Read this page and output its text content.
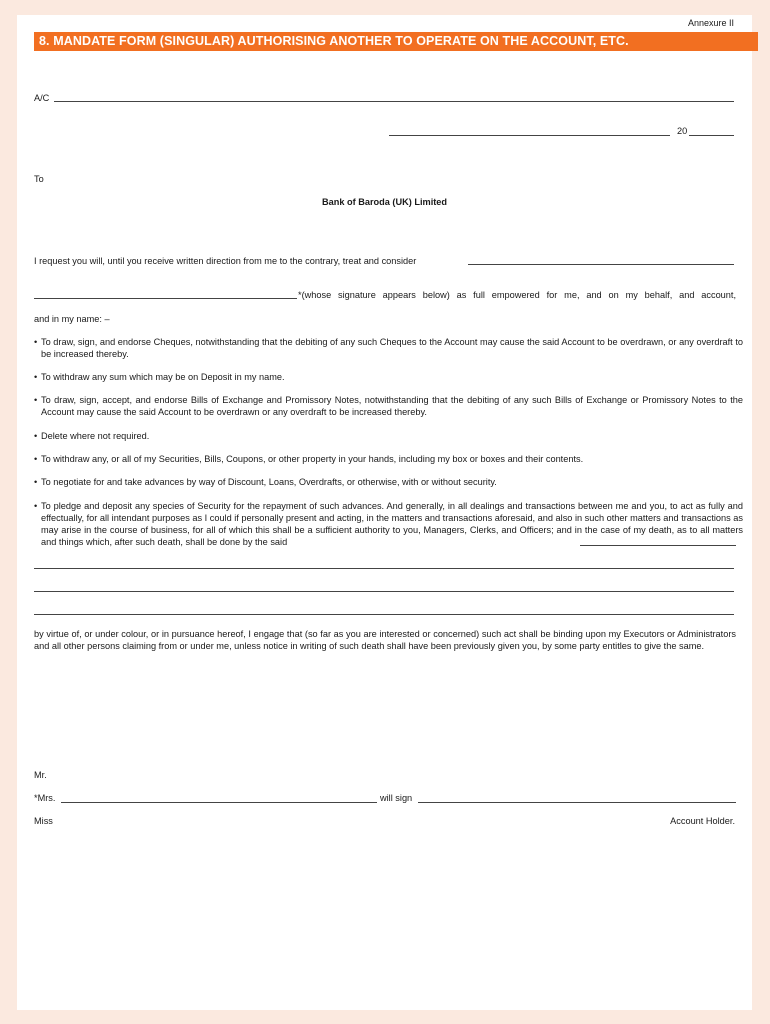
Annexure II
8. MANDATE FORM (SINGULAR) AUTHORISING ANOTHER TO OPERATE ON THE ACCOUNT, ETC.
A/C
20
To
Bank of Baroda (UK) Limited
I request you will, until you receive written direction from me to the contrary, treat and consider
*(whose signature appears below) as full empowered for me, and on my behalf, and account,
and in my name: –
• To draw, sign, and endorse Cheques, notwithstanding that the debiting of any such Cheques to the Account may cause the said Account to be overdrawn, or any overdraft to be increased thereby.
• To withdraw any sum which may be on Deposit in my name.
• To draw, sign, accept, and endorse Bills of Exchange and Promissory Notes, notwithstanding that the debiting of any such Bills of Exchange or Promissory Notes to the Account may cause the said Account to be overdrawn or any overdraft to be increased thereby.
• Delete where not required.
• To withdraw any, or all of my Securities, Bills, Coupons, or other property in your hands, including my box or boxes and their contents.
• To negotiate for and take advances by way of Discount, Loans, Overdrafts, or otherwise, with or without security.
• To pledge and deposit any species of Security for the repayment of such advances. And generally, in all dealings and transactions between me and you, to act as fully and effectually, for all intendant purposes as I could if personally present and acting, in the matters and transactions aforesaid, and also in such other matters and transactions as may arise in the course of business, for all of which this shall be a sufficient authority to you, Managers, Clerks, and Officers; and in the case of my death, as to all matters and things which, after such death, shall be done by the said
by virtue of, or under colour, or in pursuance hereof, I engage that (so far as you are interested or concerned) such act shall be binding upon my Executors or Administrators and all other persons claiming from or under me, unless notice in writing of such death shall have been previously given you, by some party entitles to give the same.
Mr.
*Mrs.	will sign
Miss	Account Holder.
